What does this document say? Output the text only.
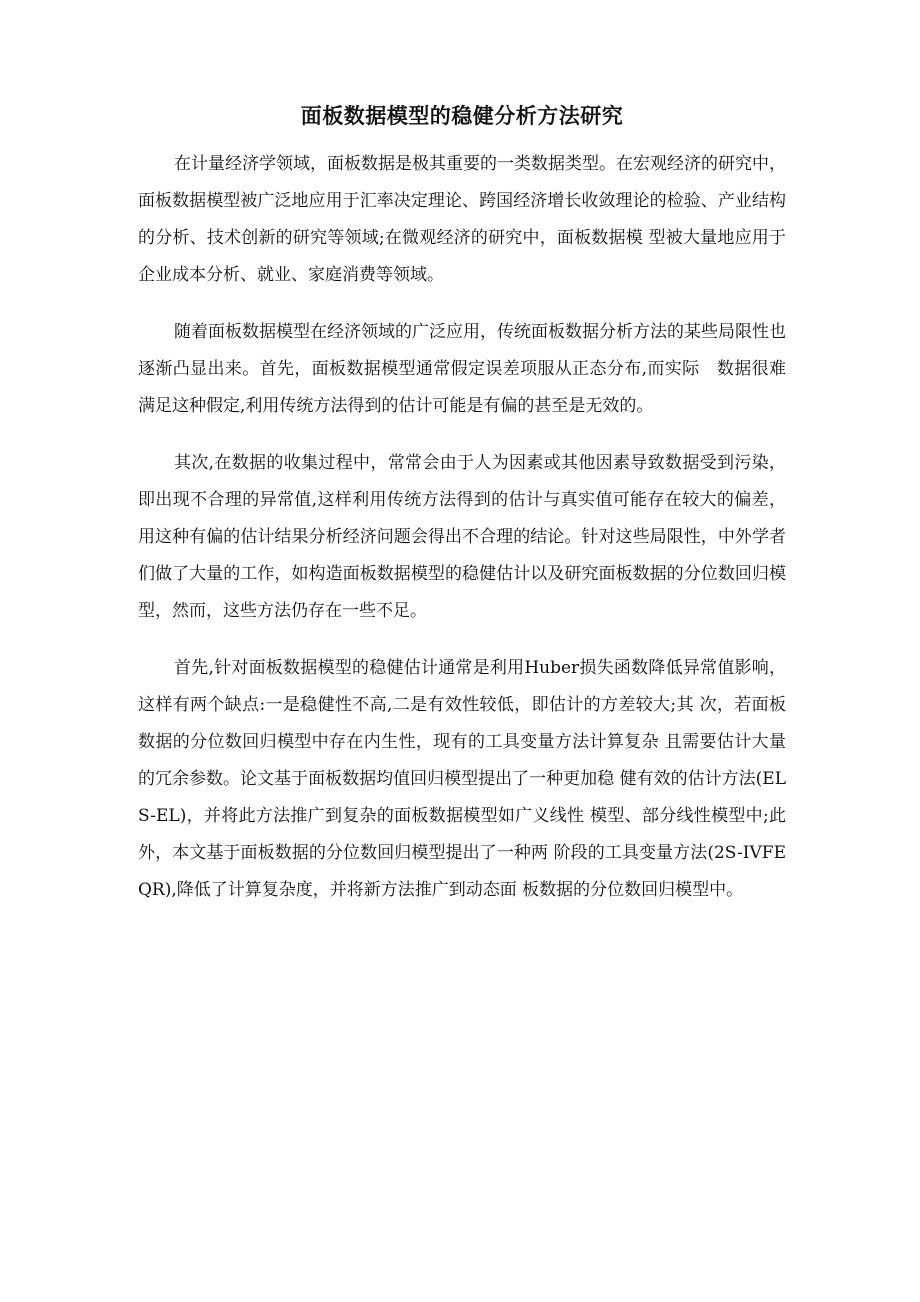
面板数据模型的稳健分析方法研究

在计量经济学领域，面板数据是极其重要的一类数据类型。在宏观经济的研究中，面板数据模型被广泛地应用于汇率决定理论、跨国经济增长收敛理论的检验、产业结构的分析、技术创新的研究等领域;在微观经济的研究中，面板数据模 型被大量地应用于企业成本分析、就业、家庭消费等领域。

随着面板数据模型在经济领域的广泛应用，传统面板数据分析方法的某些局限性也逐渐凸显出来。首先，面板数据模型通常假定误差项服从正态分布,而实际　数据很难满足这种假定,利用传统方法得到的估计可能是有偏的甚至是无效的。

其次,在数据的收集过程中，常常会由于人为因素或其他因素导致数据受到污染，即出现不合理的异常值,这样利用传统方法得到的估计与真实值可能存在较大的偏差，用这种有偏的估计结果分析经济问题会得出不合理的结论。针对这些局限性，中外学者们做了大量的工作，如构造面板数据模型的稳健估计以及研究面板数据的分位数回归模型，然而，这些方法仍存在一些不足。

首先,针对面板数据模型的稳健估计通常是利用Huber损失函数降低异常值影响，这样有两个缺点:一是稳健性不高,二是有效性较低，即估计的方差较大;其 次，若面板数据的分位数回归模型中存在内生性，现有的工具变量方法计算复杂 且需要估计大量的冗余参数。论文基于面板数据均值回归模型提出了一种更加稳 健有效的估计方法(ELS-EL)，并将此方法推广到复杂的面板数据模型如广义线性 模型、部分线性模型中;此外，本文基于面板数据的分位数回归模型提出了一种两 阶段的工具变量方法(2S-IVFEQR),降低了计算复杂度，并将新方法推广到动态面 板数据的分位数回归模型中。
